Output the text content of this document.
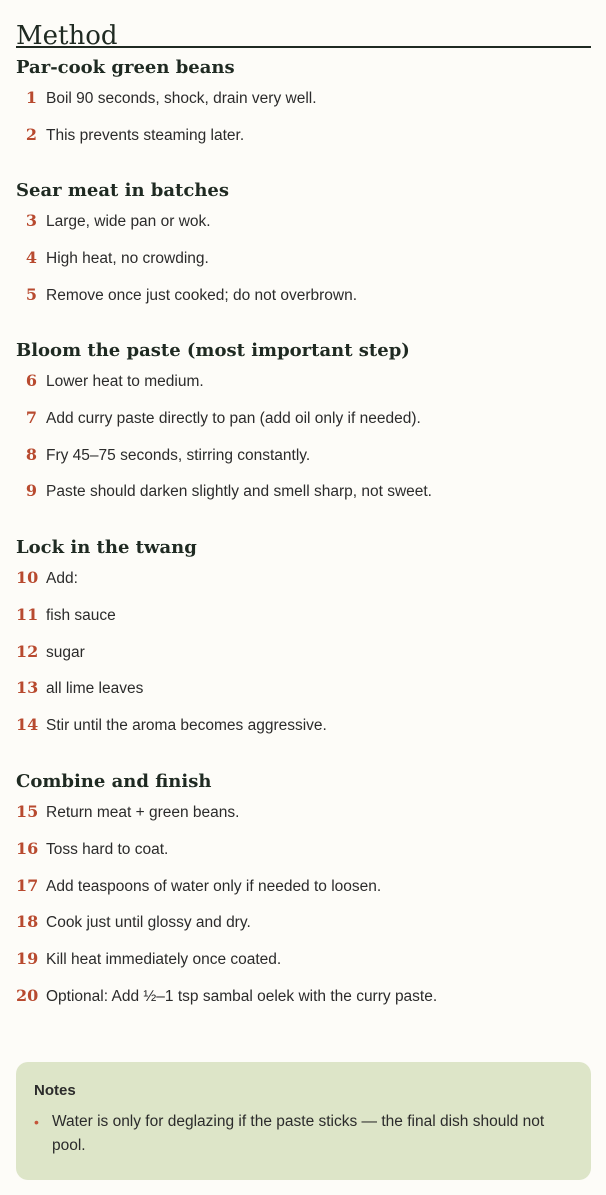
Method
Par-cook green beans
1 Boil 90 seconds, shock, drain very well.
2 This prevents steaming later.
Sear meat in batches
3 Large, wide pan or wok.
4 High heat, no crowding.
5 Remove once just cooked; do not overbrown.
Bloom the paste (most important step)
6 Lower heat to medium.
7 Add curry paste directly to pan (add oil only if needed).
8 Fry 45–75 seconds, stirring constantly.
9 Paste should darken slightly and smell sharp, not sweet.
Lock in the twang
10 Add:
11 fish sauce
12 sugar
13 all lime leaves
14 Stir until the aroma becomes aggressive.
Combine and finish
15 Return meat + green beans.
16 Toss hard to coat.
17 Add teaspoons of water only if needed to loosen.
18 Cook just until glossy and dry.
19 Kill heat immediately once coated.
20 Optional: Add ½–1 tsp sambal oelek with the curry paste.
Notes
• Water is only for deglazing if the paste sticks — the final dish should not pool.
